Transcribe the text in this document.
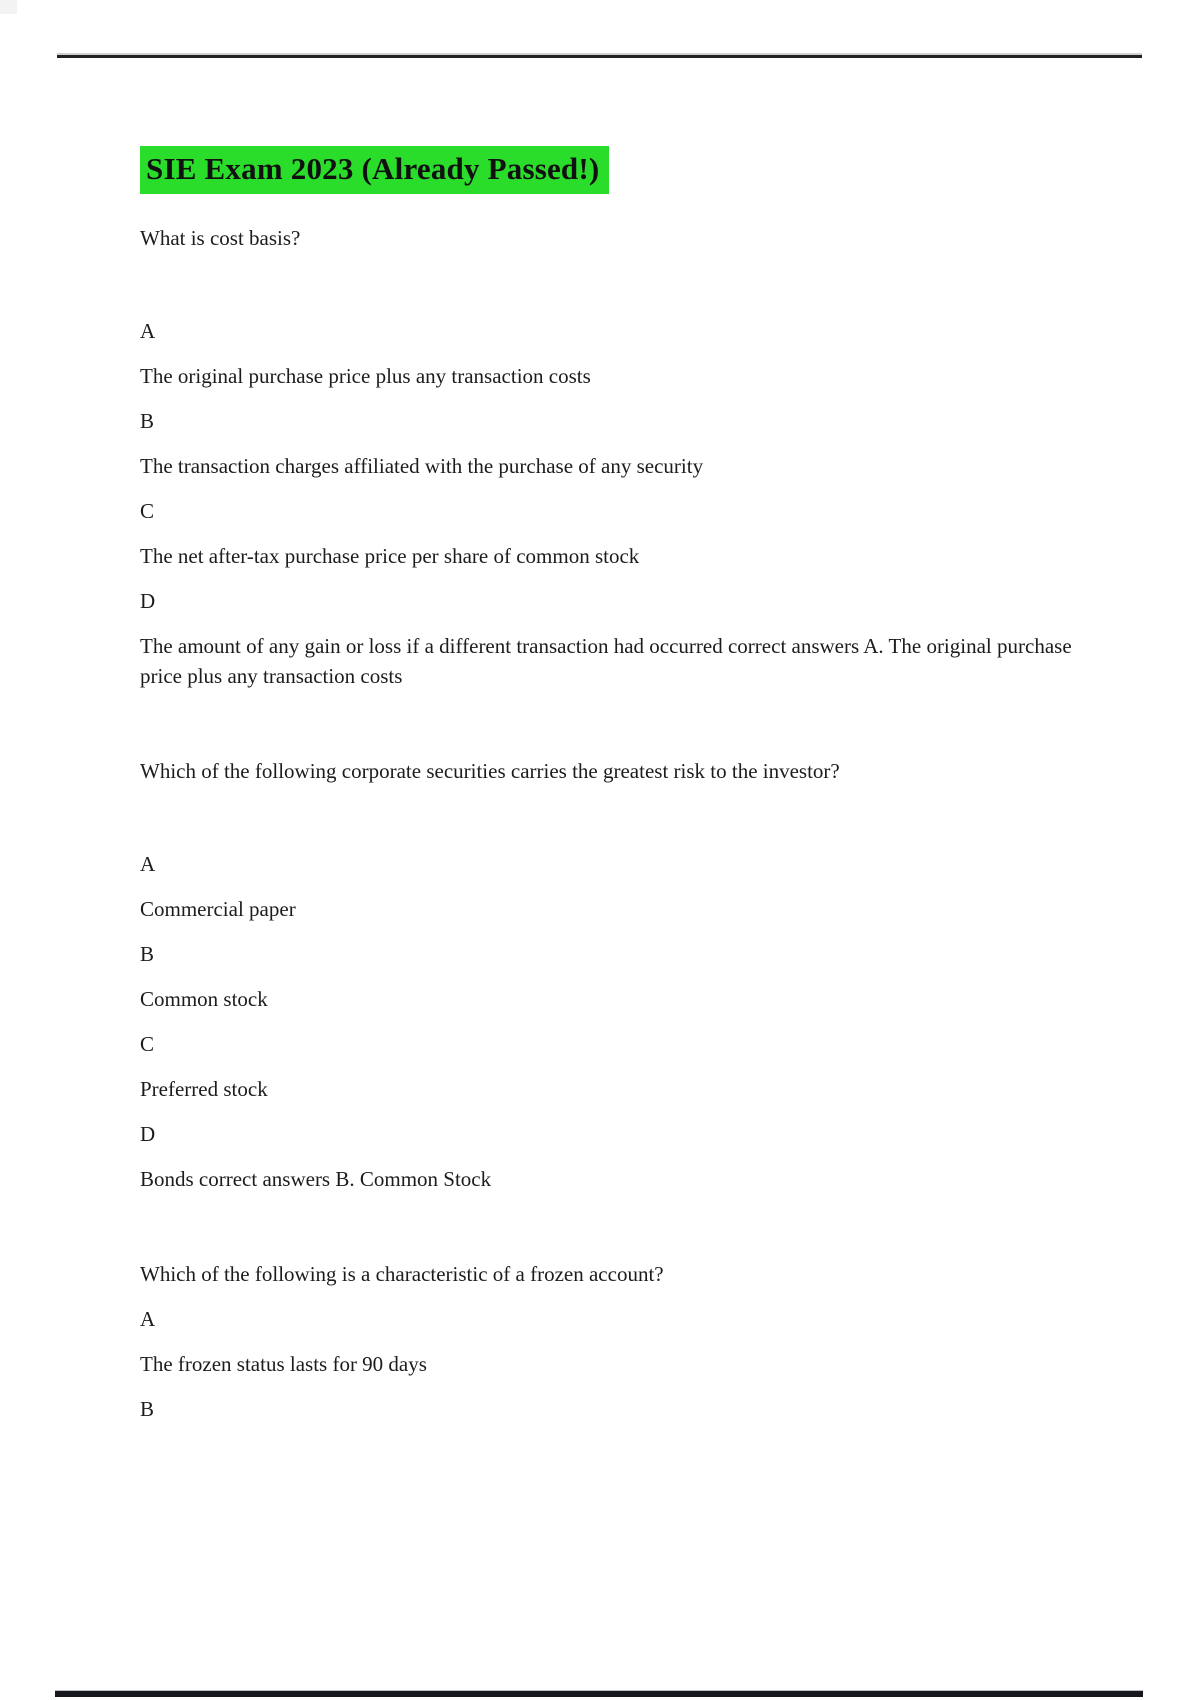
SIE Exam 2023 (Already Passed!)

What is cost basis?

A

The original purchase price plus any transaction costs

B

The transaction charges affiliated with the purchase of any security

C

The net after-tax purchase price per share of common stock

D

The amount of any gain or loss if a different transaction had occurred correct answers A. The original purchase price plus any transaction costs

Which of the following corporate securities carries the greatest risk to the investor?

A

Commercial paper

B

Common stock

C

Preferred stock

D

Bonds correct answers B. Common Stock

Which of the following is a characteristic of a frozen account?

A

The frozen status lasts for 90 days

B
